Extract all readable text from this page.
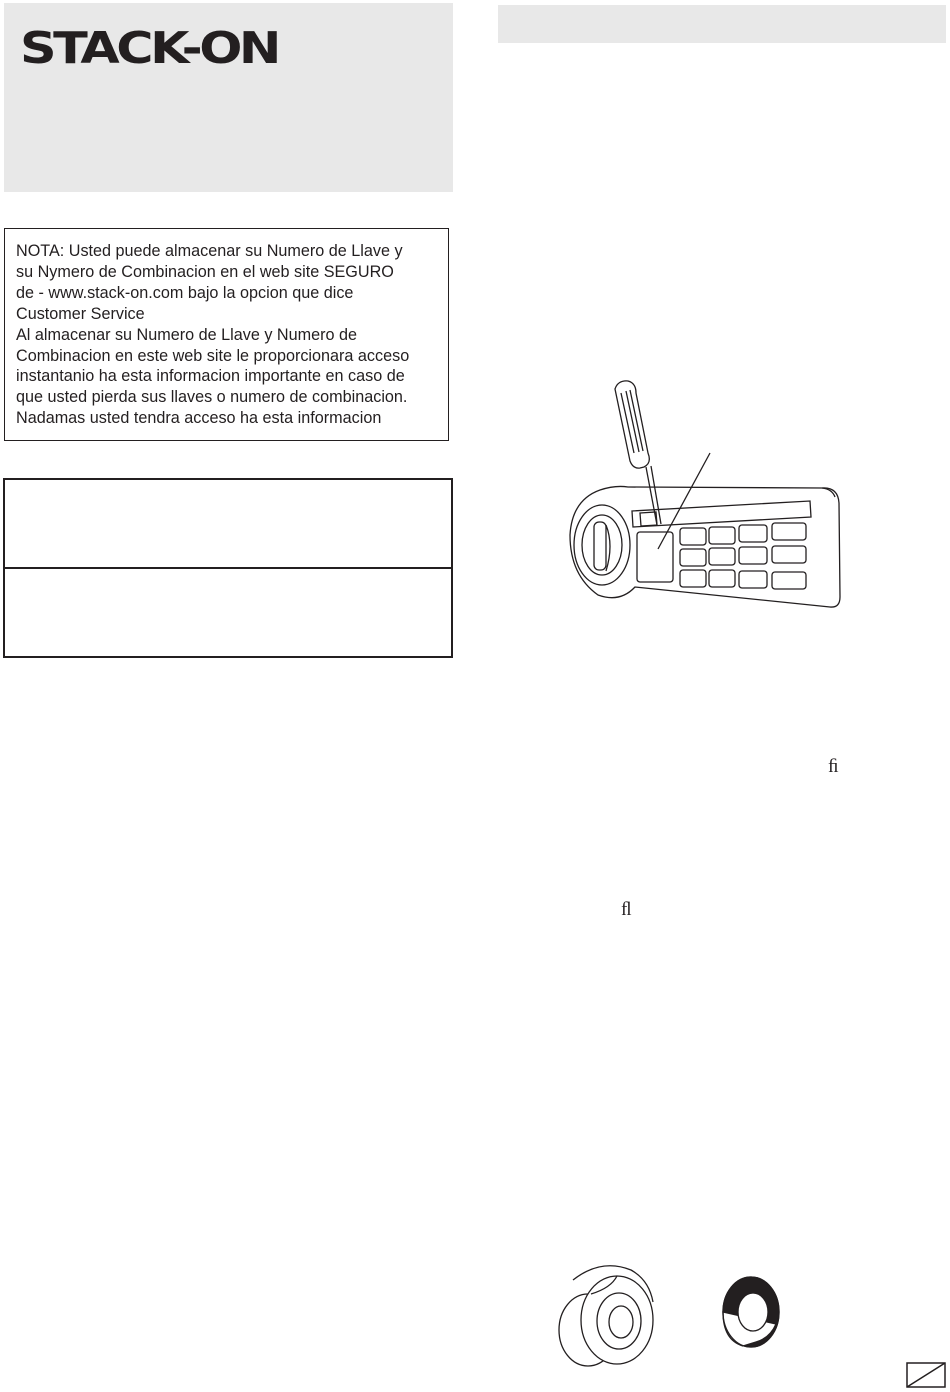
STACK-ON

NOTA: Usted puede almacenar su Numero de Llave y

su Nymero de Combinacion en el web site SEGURO

de - www.stack-on.com bajo la opcion que dice

Customer Service

Al almacenar su Numero de Llave y Numero de

Combinacion en este web site le proporcionara acceso

instantanio ha esta informacion importante en caso de

que usted pierda sus llaves o numero de combinacion.

Nadamas usted tendra acceso ha esta informacion

ﬁ
ﬂ
